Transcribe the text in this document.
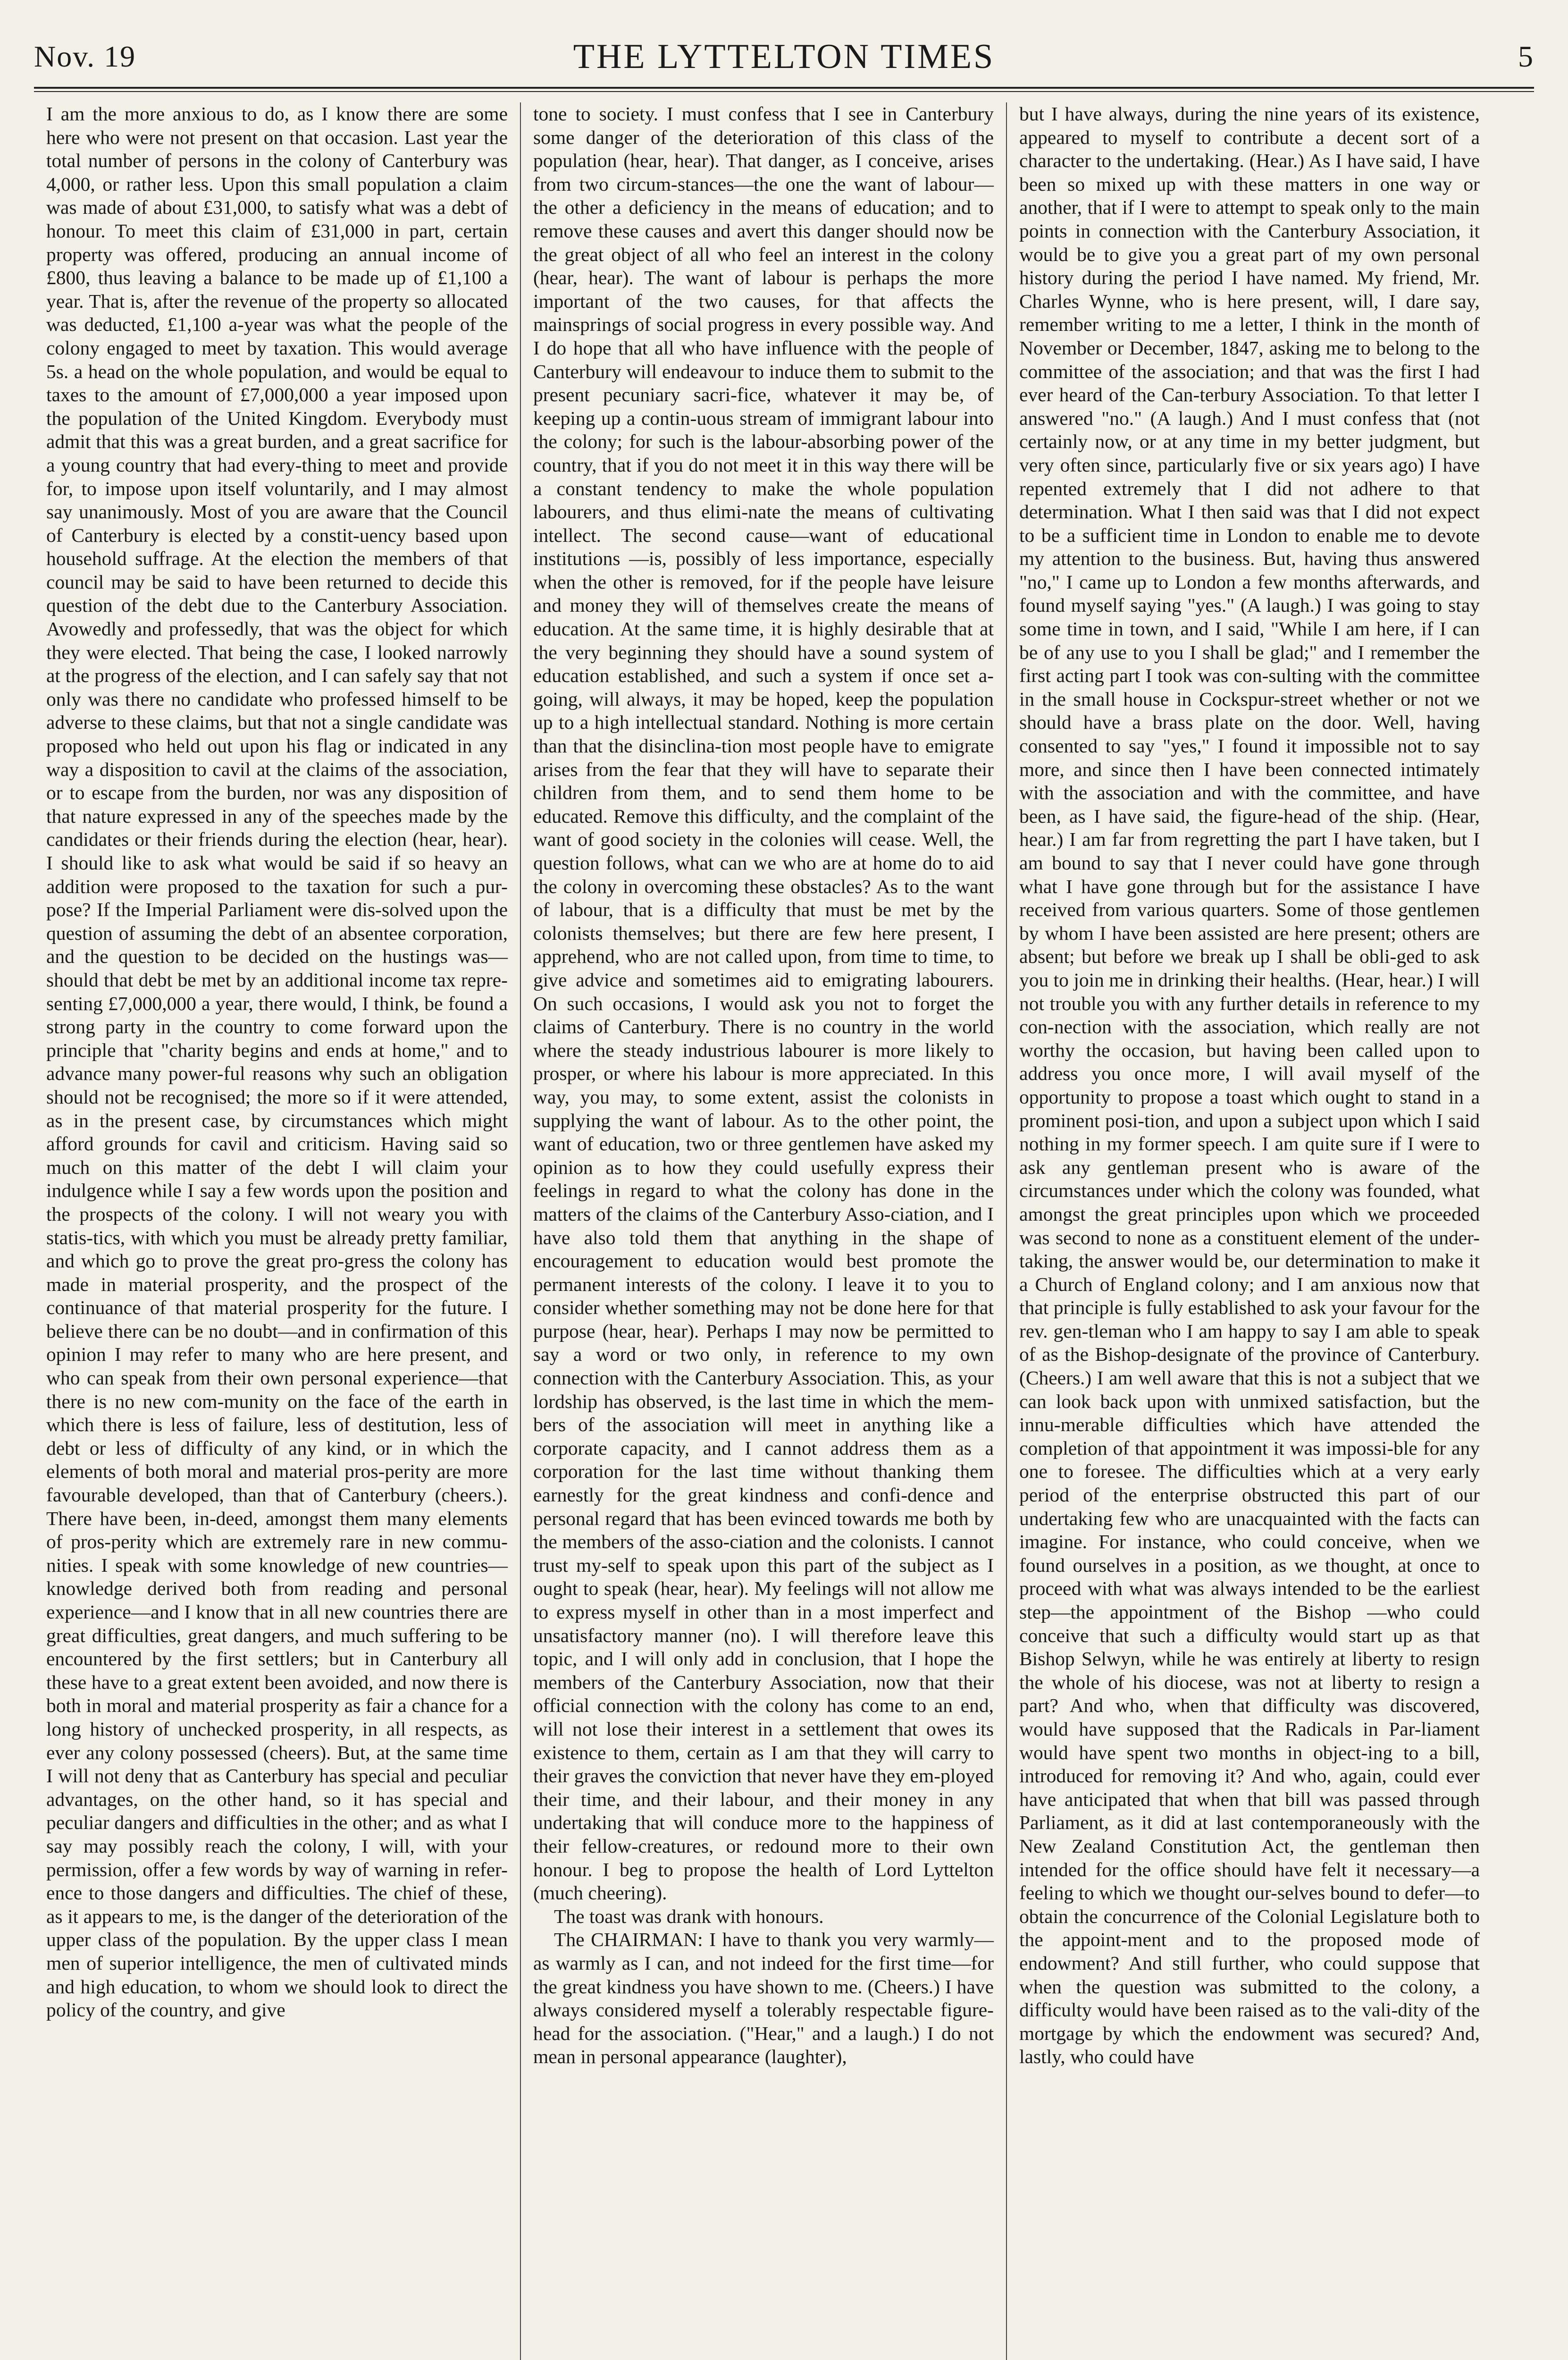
Nov. 19	THE LYTTELTON TIMES	5

I am the more anxious to do, as I know there are some here who were not present on that occasion. Last year the total number of persons in the colony of Canterbury was 4,000, or rather less. Upon this small population a claim was made of about £31,000, to satisfy what was a debt of honour. To meet this claim of £31,000 in part, certain property was offered, producing an annual income of £800, thus leaving a balance to be made up of £1,100 a year. That is, after the revenue of the property so allocated was deducted, £1,100 a-year was what the people of the colony engaged to meet by taxation. This would average 5s. a head on the whole population, and would be equal to taxes to the amount of £7,000,000 a year imposed upon the population of the United Kingdom. Everybody must admit that this was a great burden, and a great sacrifice for a young country that had every-thing to meet and provide for, to impose upon itself voluntarily, and I may almost say unanimously. Most of you are aware that the Council of Canterbury is elected by a constit-uency based upon household suffrage. At the election the members of that council may be said to have been returned to decide this question of the debt due to the Canterbury Association. Avowedly and professedly, that was the object for which they were elected. That being the case, I looked narrowly at the progress of the election, and I can safely say that not only was there no candidate who professed himself to be adverse to these claims, but that not a single candidate was proposed who held out upon his flag or indicated in any way a disposition to cavil at the claims of the association, or to escape from the burden, nor was any disposition of that nature expressed in any of the speeches made by the candidates or their friends during the election (hear, hear). I should like to ask what would be said if so heavy an addition were proposed to the taxation for such a pur-pose? If the Imperial Parliament were dis-solved upon the question of assuming the debt of an absentee corporation, and the question to be decided on the hustings was—should that debt be met by an additional income tax repre-senting £7,000,000 a year, there would, I think, be found a strong party in the country to come forward upon the principle that "charity begins and ends at home," and to advance many power-ful reasons why such an obligation should not be recognised; the more so if it were attended, as in the present case, by circumstances which might afford grounds for cavil and criticism. Having said so much on this matter of the debt I will claim your indulgence while I say a few words upon the position and the prospects of the colony. I will not weary you with statis-tics, with which you must be already pretty familiar, and which go to prove the great pro-gress the colony has made in material prosperity, and the prospect of the continuance of that material prosperity for the future. I believe there can be no doubt—and in confirmation of this opinion I may refer to many who are here present, and who can speak from their own personal experience—that there is no new com-munity on the face of the earth in which there is less of failure, less of destitution, less of debt or less of difficulty of any kind, or in which the elements of both moral and material pros-perity are more favourable developed, than that of Canterbury (cheers.). There have been, in-deed, amongst them many elements of pros-perity which are extremely rare in new commu-nities. I speak with some knowledge of new countries—knowledge derived both from reading and personal experience—and I know that in all new countries there are great difficulties, great dangers, and much suffering to be encountered by the first settlers; but in Canterbury all these have to a great extent been avoided, and now there is both in moral and material prosperity as fair a chance for a long history of unchecked prosperity, in all respects, as ever any colony possessed (cheers). But, at the same time I will not deny that as Canterbury has special and peculiar advantages, on the other hand, so it has special and peculiar dangers and difficulties in the other; and as what I say may possibly reach the colony, I will, with your permission, offer a few words by way of warning in refer-ence to those dangers and difficulties. The chief of these, as it appears to me, is the danger of the deterioration of the upper class of the population. By the upper class I mean men of superior intelligence, the men of cultivated minds and high education, to whom we should look to direct the policy of the country, and give

tone to society. I must confess that I see in Canterbury some danger of the deterioration of this class of the population (hear, hear). That danger, as I conceive, arises from two circum-stances—the one the want of labour—the other a deficiency in the means of education; and to remove these causes and avert this danger should now be the great object of all who feel an interest in the colony (hear, hear). The want of labour is perhaps the more important of the two causes, for that affects the mainsprings of social progress in every possible way. And I do hope that all who have influence with the people of Canterbury will endeavour to induce them to submit to the present pecuniary sacri-fice, whatever it may be, of keeping up a contin-uous stream of immigrant labour into the colony; for such is the labour-absorbing power of the country, that if you do not meet it in this way there will be a constant tendency to make the whole population labourers, and thus elimi-nate the means of cultivating intellect. The second cause—want of educational institutions —is, possibly of less importance, especially when the other is removed, for if the people have leisure and money they will of themselves create the means of education. At the same time, it is highly desirable that at the very beginning they should have a sound system of education established, and such a system if once set a-going, will always, it may be hoped, keep the population up to a high intellectual standard. Nothing is more certain than that the disinclina-tion most people have to emigrate arises from the fear that they will have to separate their children from them, and to send them home to be educated. Remove this difficulty, and the complaint of the want of good society in the colonies will cease. Well, the question follows, what can we who are at home do to aid the colony in overcoming these obstacles? As to the want of labour, that is a difficulty that must be met by the colonists themselves; but there are few here present, I apprehend, who are not called upon, from time to time, to give advice and sometimes aid to emigrating labourers. On such occasions, I would ask you not to forget the claims of Canterbury. There is no country in the world where the steady industrious labourer is more likely to prosper, or where his labour is more appreciated. In this way, you may, to some extent, assist the colonists in supplying the want of labour. As to the other point, the want of education, two or three gentlemen have asked my opinion as to how they could usefully express their feelings in regard to what the colony has done in the matters of the claims of the Canterbury Asso-ciation, and I have also told them that anything in the shape of encouragement to education would best promote the permanent interests of the colony. I leave it to you to consider whether something may not be done here for that purpose (hear, hear). Perhaps I may now be permitted to say a word or two only, in reference to my own connection with the Canterbury Association. This, as your lordship has observed, is the last time in which the mem-bers of the association will meet in anything like a corporate capacity, and I cannot address them as a corporation for the last time without thanking them earnestly for the great kindness and confi-dence and personal regard that has been evinced towards me both by the members of the asso-ciation and the colonists. I cannot trust my-self to speak upon this part of the subject as I ought to speak (hear, hear). My feelings will not allow me to express myself in other than in a most imperfect and unsatisfactory manner (no). I will therefore leave this topic, and I will only add in conclusion, that I hope the members of the Canterbury Association, now that their official connection with the colony has come to an end, will not lose their interest in a settlement that owes its existence to them, certain as I am that they will carry to their graves the conviction that never have they em-ployed their time, and their labour, and their money in any undertaking that will conduce more to the happiness of their fellow-creatures, or redound more to their own honour. I beg to propose the health of Lord Lyttelton (much cheering).

The toast was drank with honours.

The CHAIRMAN: I have to thank you very warmly—as warmly as I can, and not indeed for the first time—for the great kindness you have shown to me. (Cheers.) I have always considered myself a tolerably respectable figure-head for the association. ("Hear," and a laugh.) I do not mean in personal appearance (laughter),

but I have always, during the nine years of its existence, appeared to myself to contribute a decent sort of a character to the undertaking. (Hear.) As I have said, I have been so mixed up with these matters in one way or another, that if I were to attempt to speak only to the main points in connection with the Canterbury Association, it would be to give you a great part of my own personal history during the period I have named. My friend, Mr. Charles Wynne, who is here present, will, I dare say, remember writing to me a letter, I think in the month of November or December, 1847, asking me to belong to the committee of the association; and that was the first I had ever heard of the Can-terbury Association. To that letter I answered "no." (A laugh.) And I must confess that (not certainly now, or at any time in my better judgment, but very often since, particularly five or six years ago) I have repented extremely that I did not adhere to that determination. What I then said was that I did not expect to be a sufficient time in London to enable me to devote my attention to the business. But, having thus answered "no," I came up to London a few months afterwards, and found myself saying "yes." (A laugh.) I was going to stay some time in town, and I said, "While I am here, if I can be of any use to you I shall be glad;" and I remember the first acting part I took was con-sulting with the committee in the small house in Cockspur-street whether or not we should have a brass plate on the door. Well, having consented to say "yes," I found it impossible not to say more, and since then I have been connected intimately with the association and with the committee, and have been, as I have said, the figure-head of the ship. (Hear, hear.) I am far from regretting the part I have taken, but I am bound to say that I never could have gone through what I have gone through but for the assistance I have received from various quarters. Some of those gentlemen by whom I have been assisted are here present; others are absent; but before we break up I shall be obli-ged to ask you to join me in drinking their healths. (Hear, hear.) I will not trouble you with any further details in reference to my con-nection with the association, which really are not worthy the occasion, but having been called upon to address you once more, I will avail myself of the opportunity to propose a toast which ought to stand in a prominent posi-tion, and upon a subject upon which I said nothing in my former speech. I am quite sure if I were to ask any gentleman present who is aware of the circumstances under which the colony was founded, what amongst the great principles upon which we proceeded was second to none as a constituent element of the under-taking, the answer would be, our determination to make it a Church of England colony; and I am anxious now that that principle is fully established to ask your favour for the rev. gen-tleman who I am happy to say I am able to speak of as the Bishop-designate of the province of Canterbury. (Cheers.) I am well aware that this is not a subject that we can look back upon with unmixed satisfaction, but the innu-merable difficulties which have attended the completion of that appointment it was impossi-ble for any one to foresee. The difficulties which at a very early period of the enterprise obstructed this part of our undertaking few who are unacquainted with the facts can imagine. For instance, who could conceive, when we found ourselves in a position, as we thought, at once to proceed with what was always intended to be the earliest step—the appointment of the Bishop —who could conceive that such a difficulty would start up as that Bishop Selwyn, while he was entirely at liberty to resign the whole of his diocese, was not at liberty to resign a part? And who, when that difficulty was discovered, would have supposed that the Radicals in Par-liament would have spent two months in object-ing to a bill, introduced for removing it? And who, again, could ever have anticipated that when that bill was passed through Parliament, as it did at last contemporaneously with the New Zealand Constitution Act, the gentleman then intended for the office should have felt it necessary—a feeling to which we thought our-selves bound to defer—to obtain the concurrence of the Colonial Legislature both to the appoint-ment and to the proposed mode of endowment? And still further, who could suppose that when the question was submitted to the colony, a difficulty would have been raised as to the vali-dity of the mortgage by which the endowment was secured? And, lastly, who could have
